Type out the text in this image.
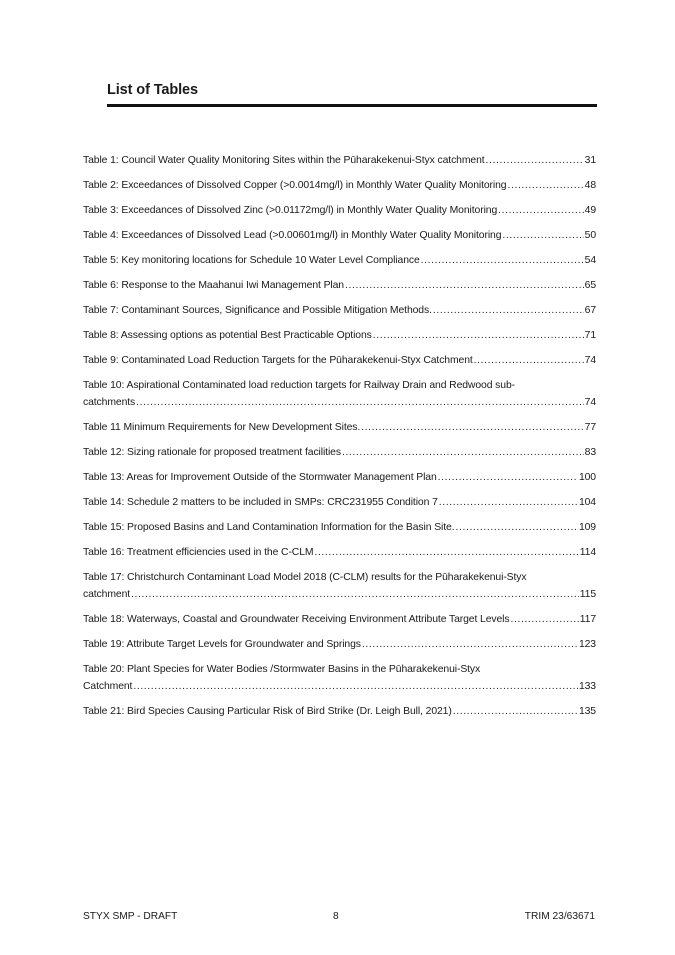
List of Tables
Table 1: Council Water Quality Monitoring Sites within the Pūharakekenui-Styx catchment .....	31
Table 2: Exceedances of Dissolved Copper (>0.0014mg/l) in Monthly Water Quality Monitoring .....	48
Table 3: Exceedances of Dissolved Zinc (>0.01172mg/l) in Monthly Water Quality Monitoring .....	49
Table 4: Exceedances of Dissolved Lead (>0.00601mg/l) in Monthly Water Quality Monitoring .....	50
Table 5: Key monitoring locations for Schedule 10 Water Level Compliance .....	54
Table 6: Response to the Maahanui Iwi Management Plan .....	65
Table 7: Contaminant Sources, Significance and Possible Mitigation Methods. .....	67
Table 8: Assessing options as potential Best Practicable Options .....	71
Table 9: Contaminated Load Reduction Targets for the Pūharakekenui-Styx Catchment .....	74
Table 10: Aspirational Contaminated load reduction targets for Railway Drain and Redwood sub-
catchments .....	74
Table 11 Minimum Requirements for New Development Sites. .....	77
Table 12: Sizing rationale for proposed treatment facilities .....	83
Table 13: Areas for Improvement Outside of the Stormwater Management Plan .....	100
Table 14: Schedule 2 matters to be included in SMPs: CRC231955 Condition 7 .....	104
Table 15: Proposed Basins and Land Contamination Information for the Basin Site. .....	109
Table 16: Treatment efficiencies used in the C-CLM .....	114
Table 17: Christchurch Contaminant Load Model 2018 (C-CLM) results for the Pūharakekenui-Styx
catchment .....	115
Table 18: Waterways, Coastal and Groundwater Receiving Environment Attribute Target Levels .....	117
Table 19: Attribute Target Levels for Groundwater and Springs .....	123
Table 20: Plant Species for Water Bodies /Stormwater Basins in the Pūharakekenui-Styx
Catchment .....	133
Table 21: Bird Species Causing Particular Risk of Bird Strike (Dr. Leigh Bull, 2021) .....	135
STYX SMP - DRAFT	8	TRIM 23/63671
